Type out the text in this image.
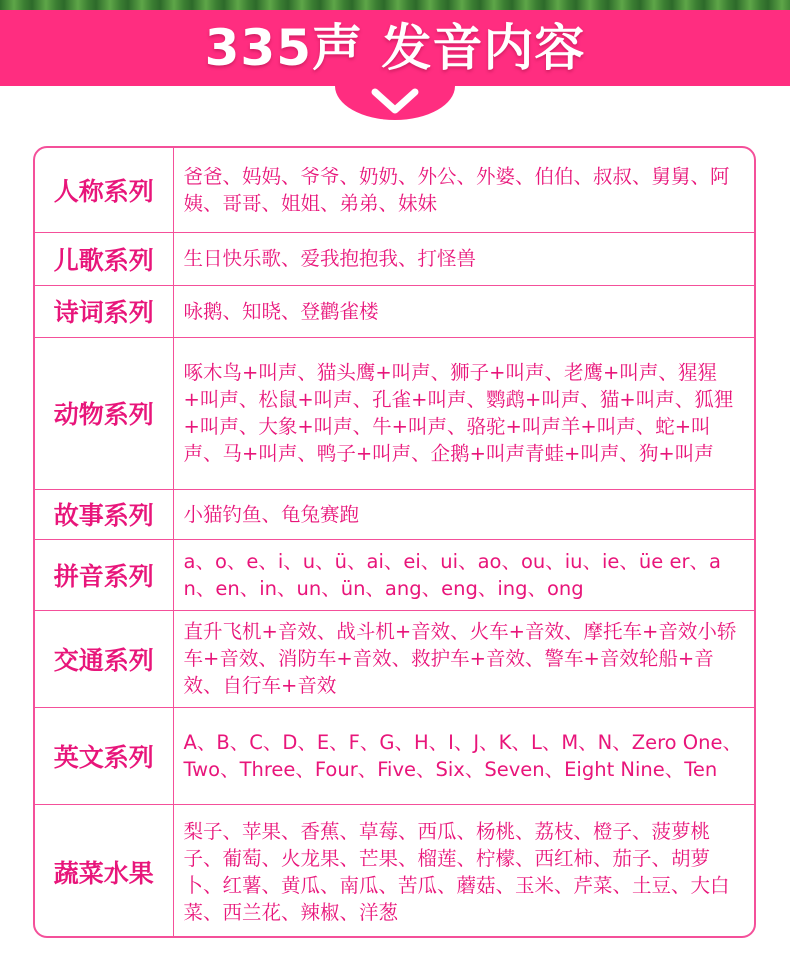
335声 发音内容
人称系列	爸爸、妈妈、爷爷、奶奶、外公、外婆、伯伯、叔叔、舅舅、阿姨、哥哥、姐姐、弟弟、妹妹
儿歌系列	生日快乐歌、爱我抱抱我、打怪兽
诗词系列	咏鹅、知晓、登鹳雀楼
动物系列	啄木鸟+叫声、猫头鹰+叫声、狮子+叫声、老鹰+叫声、猩猩+叫声、松鼠+叫声、孔雀+叫声、鹦鹉+叫声、猫+叫声、狐狸+叫声、大象+叫声、牛+叫声、骆驼+叫声羊+叫声、蛇+叫声、马+叫声、鸭子+叫声、企鹅+叫声青蛙+叫声、狗+叫声
故事系列	小猫钓鱼、龟兔赛跑
拼音系列	a、o、e、i、u、ü、ai、ei、ui、ao、ou、iu、ie、üe er、an、en、in、un、ün、ang、eng、ing、ong
交通系列	直升飞机+音效、战斗机+音效、火车+音效、摩托车+音效小轿车+音效、消防车+音效、救护车+音效、警车+音效轮船+音效、自行车+音效
英文系列	A、B、C、D、E、F、G、H、I、J、K、L、M、N、Zero One、Two、Three、Four、Five、Six、Seven、Eight Nine、Ten
蔬菜水果	梨子、苹果、香蕉、草莓、西瓜、杨桃、荔枝、橙子、菠萝桃子、葡萄、火龙果、芒果、榴莲、柠檬、西红柿、茄子、胡萝卜、红薯、黄瓜、南瓜、苦瓜、蘑菇、玉米、芹菜、土豆、大白菜、西兰花、辣椒、洋葱
